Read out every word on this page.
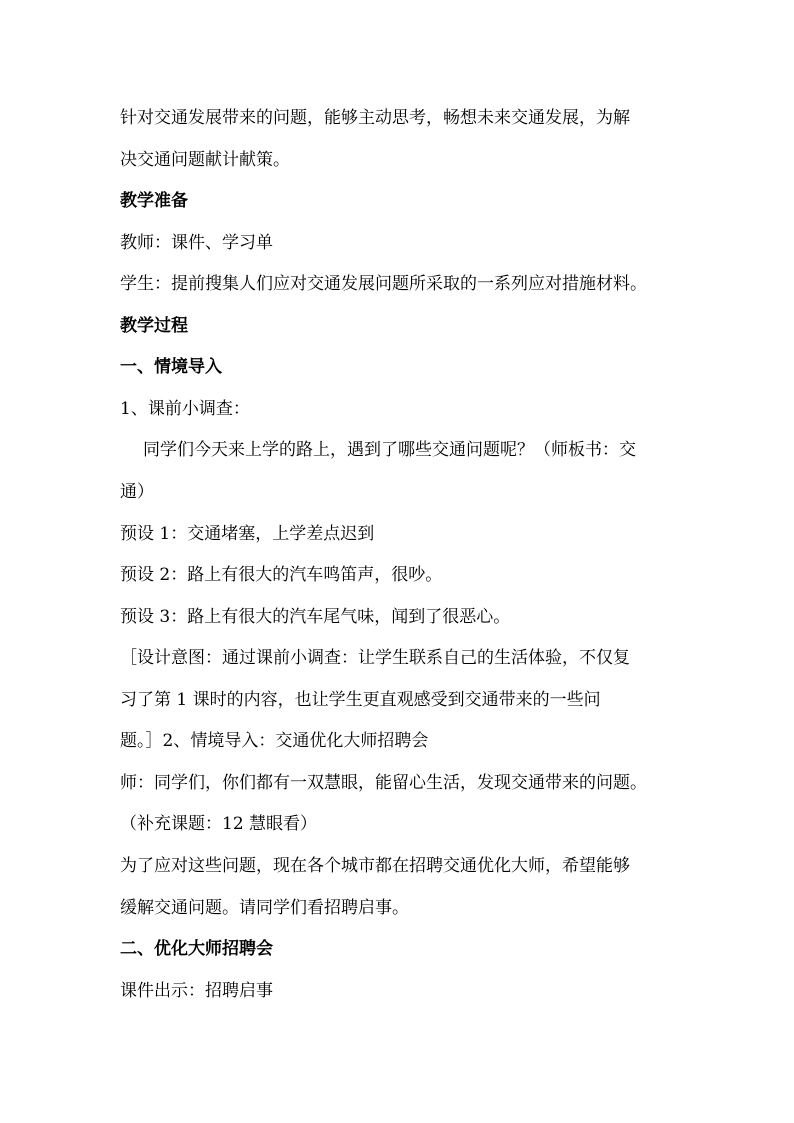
针对交通发展带来的问题，能够主动思考，畅想未来交通发展，为解
决交通问题献计献策。
教学准备
教师：课件、学习单
学生：提前搜集人们应对交通发展问题所采取的一系列应对措施材料。
教学过程
一、情境导入
1、课前小调查：
同学们今天来上学的路上，遇到了哪些交通问题呢？（师板书：交
通）
预设 1：交通堵塞，上学差点迟到
预设 2：路上有很大的汽车鸣笛声，很吵。
预设 3：路上有很大的汽车尾气味，闻到了很恶心。
［设计意图：通过课前小调查：让学生联系自己的生活体验，不仅复
习了第 1 课时的内容，也让学生更直观感受到交通带来的一些问
题。］2、情境导入：交通优化大师招聘会
师：同学们，你们都有一双慧眼，能留心生活，发现交通带来的问题。
（补充课题：12 慧眼看）
为了应对这些问题，现在各个城市都在招聘交通优化大师，希望能够
缓解交通问题。请同学们看招聘启事。
二、优化大师招聘会
课件出示：招聘启事
